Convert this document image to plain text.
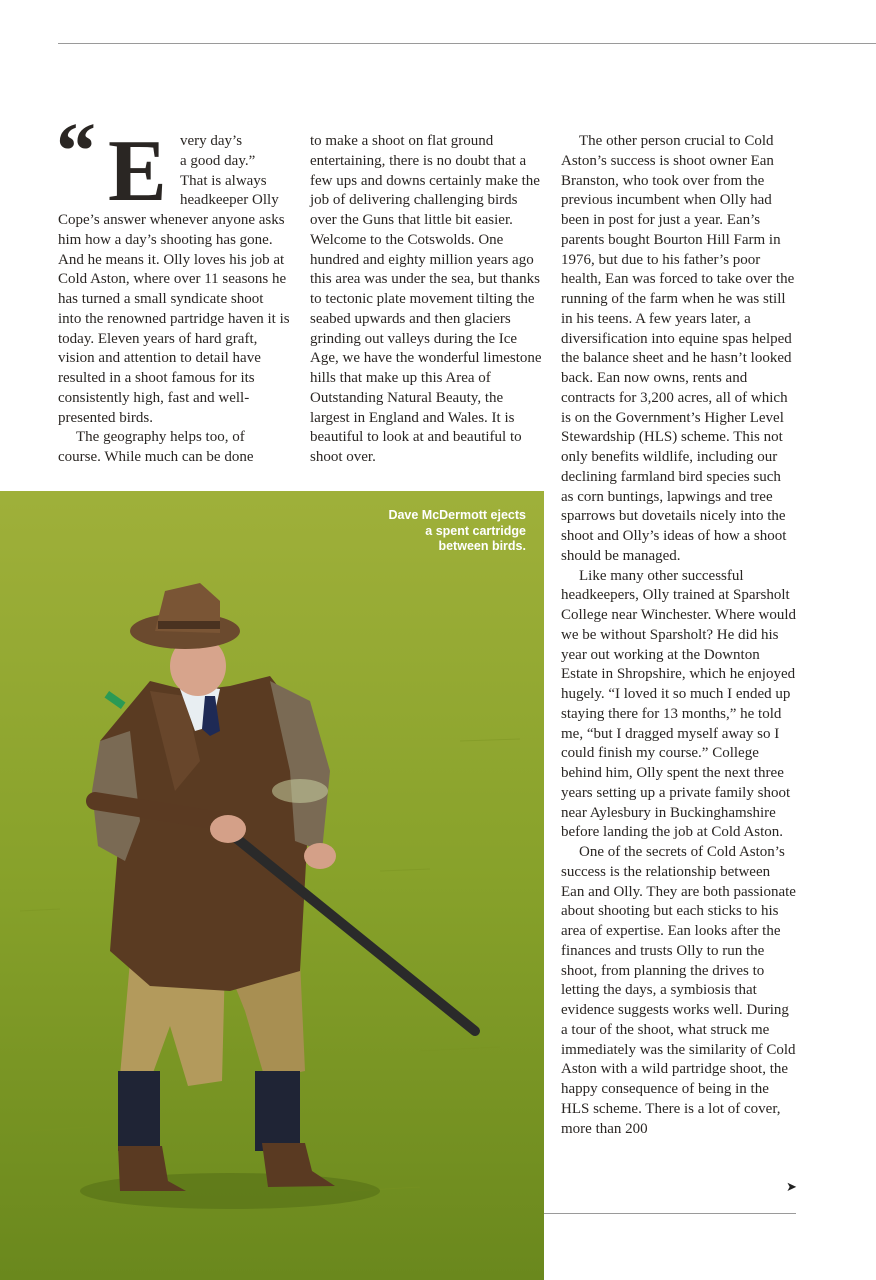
“ E very day’s
a good day.”
That is always
headkeeper Olly

Cope’s answer whenever anyone asks him how a day’s shooting has gone. And he means it. Olly loves his job at Cold Aston, where over 11 seasons he has turned a small syndicate shoot into the renowned partridge haven it is today. Eleven years of hard graft, vision and attention to detail have resulted in a shoot famous for its consistently high, fast and well-presented birds.

The geography helps too, of course. While much can be done

to make a shoot on flat ground entertaining, there is no doubt that a few ups and downs certainly make the job of delivering challenging birds over the Guns that little bit easier. Welcome to the Cotswolds. One hundred and eighty million years ago this area was under the sea, but thanks to tectonic plate movement tilting the seabed upwards and then glaciers grinding out valleys during the Ice Age, we have the wonderful limestone hills that make up this Area of Outstanding Natural Beauty, the largest in England and Wales. It is beautiful to look at and beautiful to shoot over.

The other person crucial to Cold Aston’s success is shoot owner Ean Branston, who took over from the previous incumbent when Olly had been in post for just a year. Ean’s parents bought Bourton Hill Farm in 1976, but due to his father’s poor health, Ean was forced to take over the running of the farm when he was still in his teens. A few years later, a diversification into equine spas helped the balance sheet and he hasn’t looked back. Ean now owns, rents and contracts for 3,200 acres, all of which is on the Government’s Higher Level Stewardship (HLS) scheme. This not only benefits wildlife, including our declining farmland bird species such as corn buntings, lapwings and tree sparrows but dovetails nicely into the shoot and Olly’s ideas of how a shoot should be managed.

Like many other successful headkeepers, Olly trained at Sparsholt College near Winchester. Where would we be without Sparsholt? He did his year out working at the Downton Estate in Shropshire, which he enjoyed hugely. “I loved it so much I ended up staying there for 13 months,” he told me, “but I dragged myself away so I could finish my course.” College behind him, Olly spent the next three years setting up a private family shoot near Aylesbury in Buckinghamshire before landing the job at Cold Aston.

One of the secrets of Cold Aston’s success is the relationship between Ean and Olly. They are both passionate about shooting but each sticks to his area of expertise. Ean looks after the finances and trusts Olly to run the shoot, from planning the drives to letting the days, a symbiosis that evidence suggests works well. During a tour of the shoot, what struck me immediately was the similarity of Cold Aston with a wild partridge shoot, the happy consequence of being in the HLS scheme. There is a lot of cover, more than 200

➤
Dave McDermott ejects a spent cartridge between birds.
